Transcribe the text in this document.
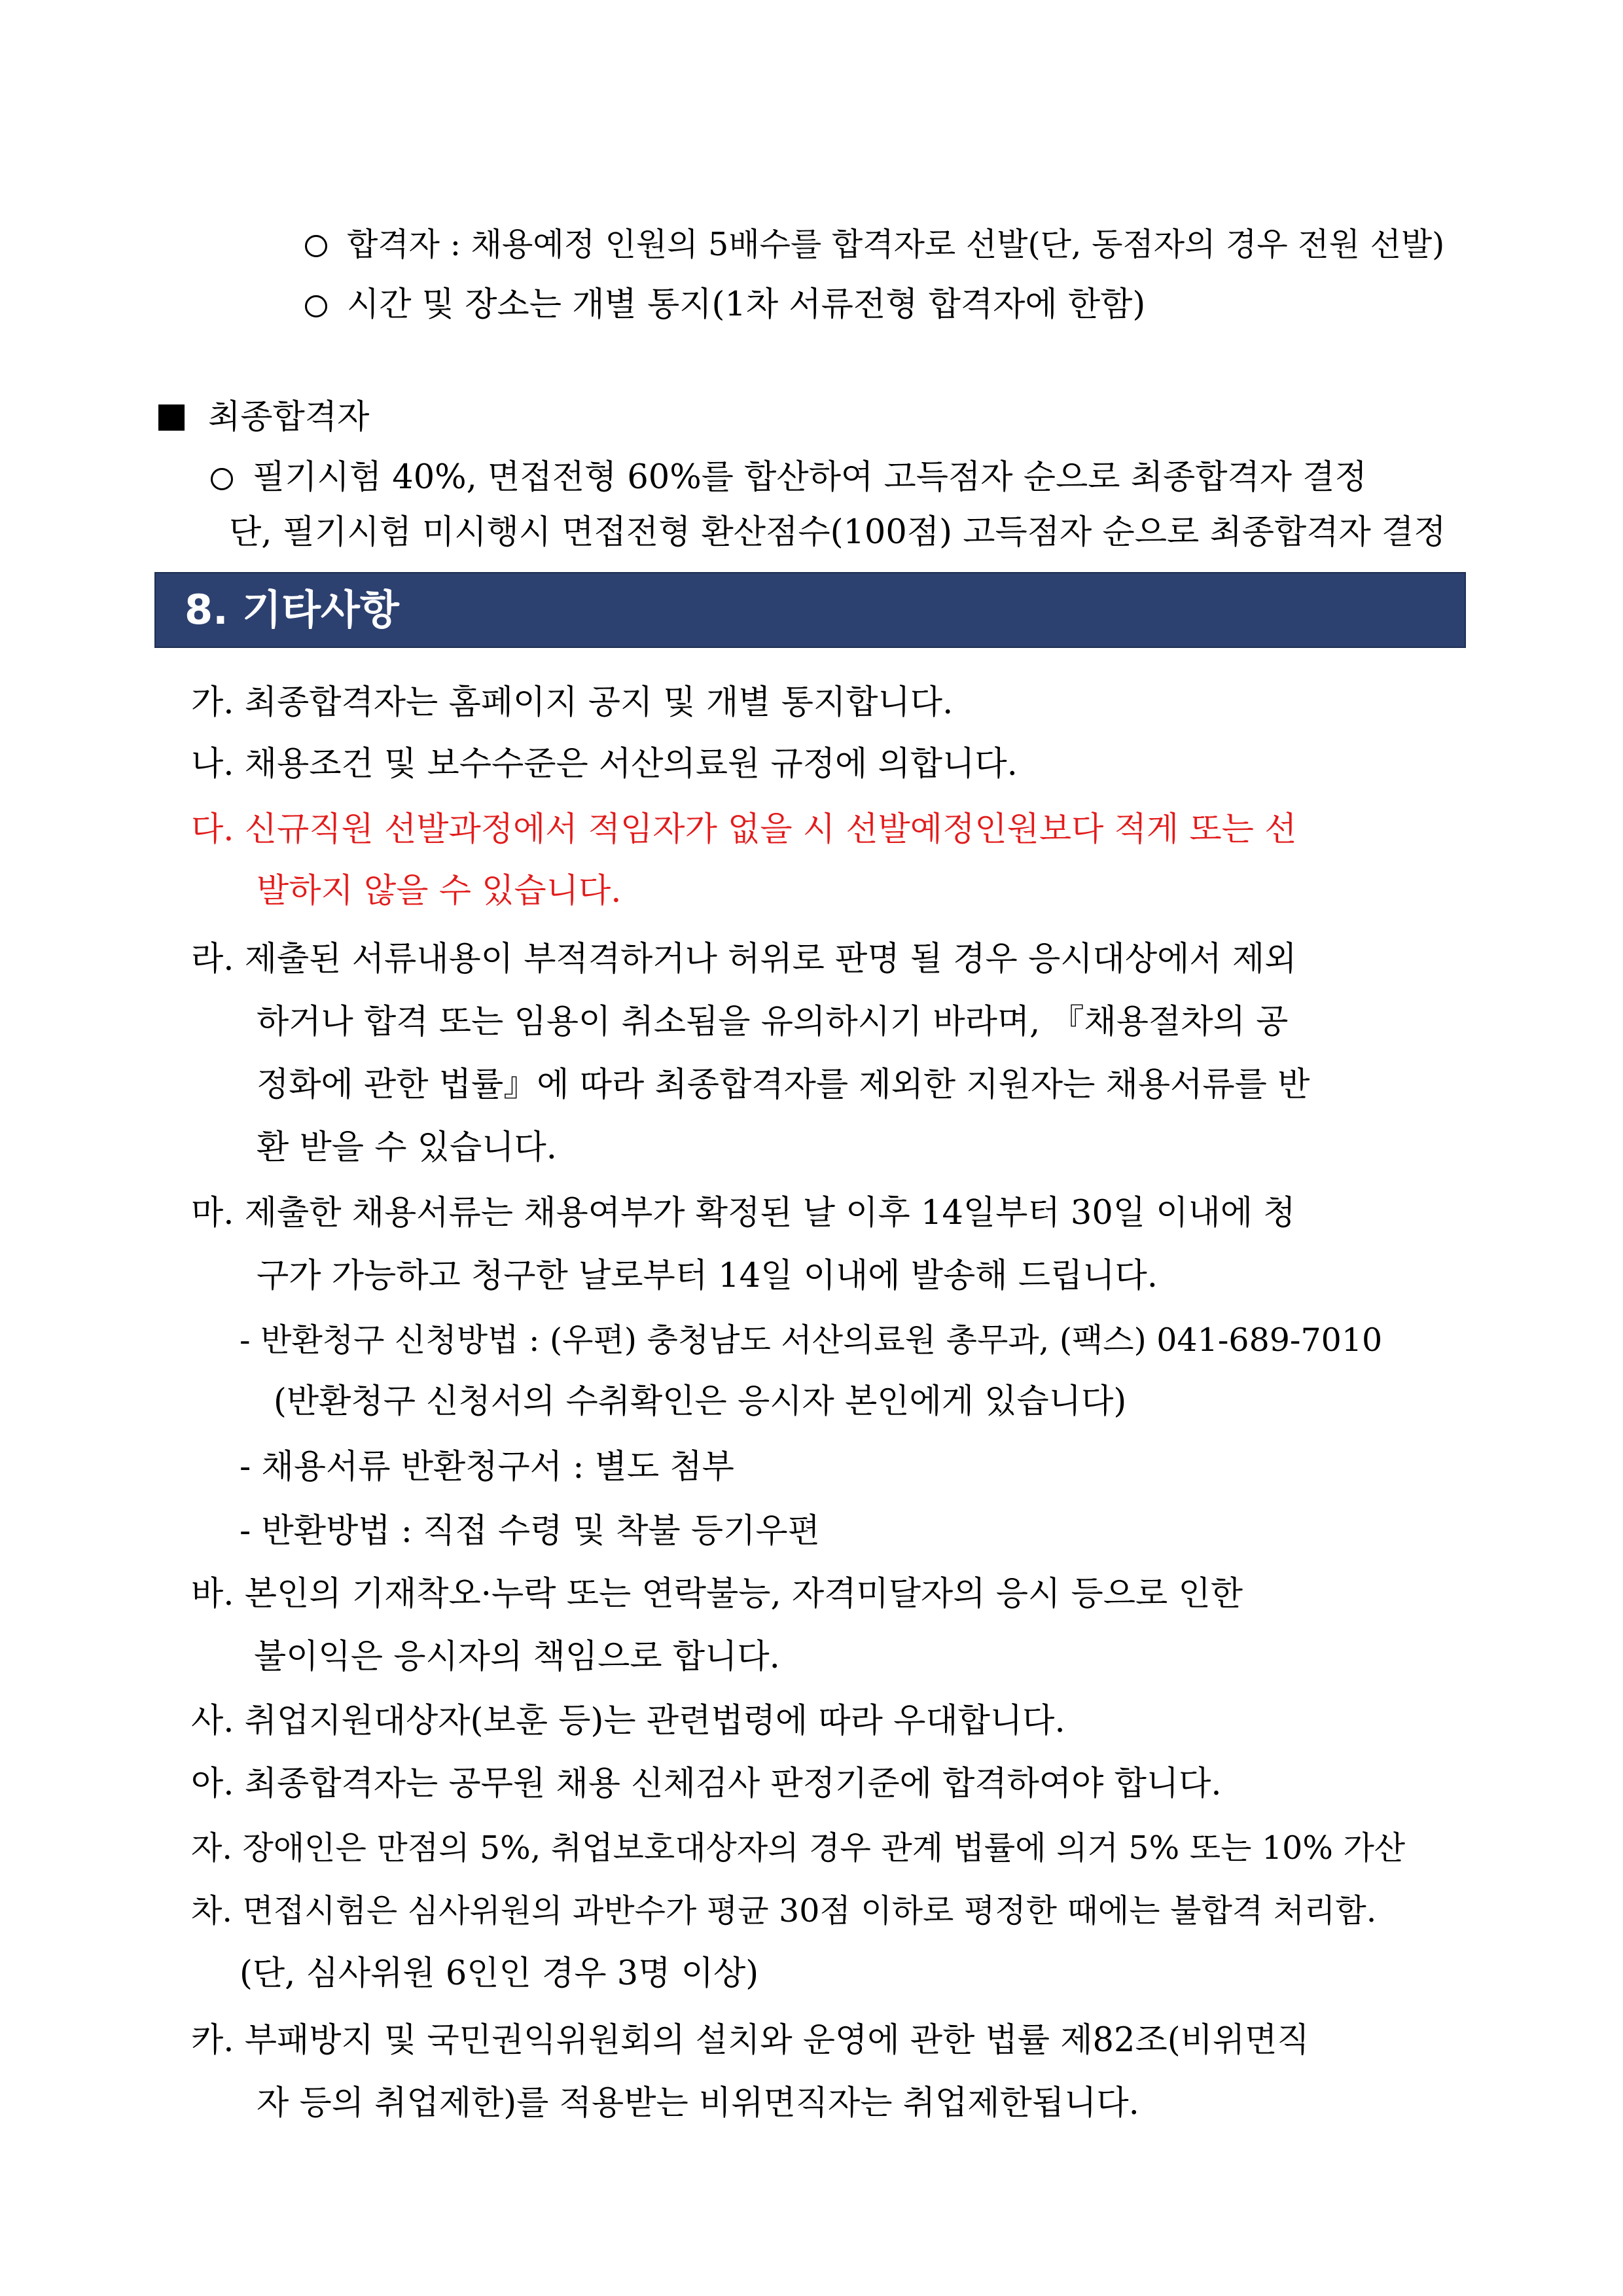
합격자 : 채용예정 인원의 5배수를 합격자로 선발(단, 동점자의 경우 전원 선발)
시간 및 장소는 개별 통지(1차 서류전형 합격자에 한함)
최종합격자
필기시험 40%, 면접전형 60%를 합산하여 고득점자 순으로 최종합격자 결정
단, 필기시험 미시행시 면접전형 환산점수(100점) 고득점자 순으로 최종합격자 결정
8. 기타사항
가. 최종합격자는 홈페이지 공지 및 개별 통지합니다.
나. 채용조건 및 보수수준은 서산의료원 규정에 의합니다.
다. 신규직원 선발과정에서 적임자가 없을 시 선발예정인원보다 적게 또는 선
발하지 않을 수 있습니다.
라. 제출된 서류내용이 부적격하거나 허위로 판명 될 경우 응시대상에서 제외
하거나 합격 또는 임용이 취소됨을 유의하시기 바라며, 『채용절차의 공
정화에 관한 법률』에 따라 최종합격자를 제외한 지원자는 채용서류를 반
환 받을 수 있습니다.
마. 제출한 채용서류는 채용여부가 확정된 날 이후 14일부터 30일 이내에 청
구가 가능하고 청구한 날로부터 14일 이내에 발송해 드립니다.
- 반환청구 신청방법 : (우편) 충청남도 서산의료원 총무과, (팩스) 041-689-7010
(반환청구 신청서의 수취확인은 응시자 본인에게 있습니다)
- 채용서류 반환청구서 : 별도 첨부
- 반환방법 : 직접 수령 및 착불 등기우편
바. 본인의 기재착오·누락 또는 연락불능, 자격미달자의 응시 등으로 인한
불이익은 응시자의 책임으로 합니다.
사. 취업지원대상자(보훈 등)는 관련법령에 따라 우대합니다.
아. 최종합격자는 공무원 채용 신체검사 판정기준에 합격하여야 합니다.
자. 장애인은 만점의 5%, 취업보호대상자의 경우 관계 법률에 의거 5% 또는 10% 가산
차. 면접시험은 심사위원의 과반수가 평균 30점 이하로 평정한 때에는 불합격 처리함.
(단, 심사위원 6인인 경우 3명 이상)
카. 부패방지 및 국민권익위원회의 설치와 운영에 관한 법률 제82조(비위면직
자 등의 취업제한)를 적용받는 비위면직자는 취업제한됩니다.
